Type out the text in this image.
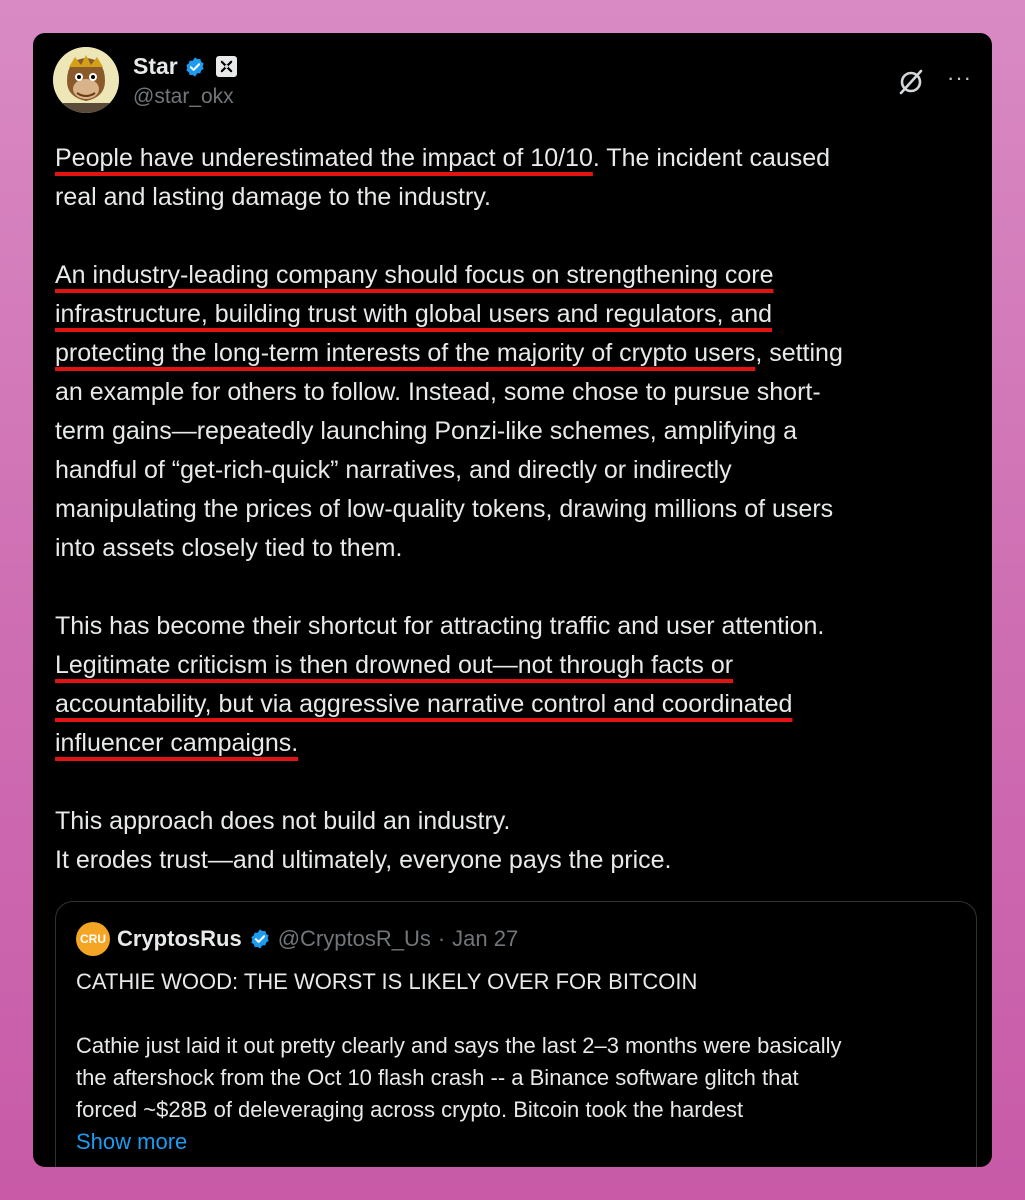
Star
@star_okx
···
People have underestimated the impact of 10/10. The incident caused
real and lasting damage to the industry.
An industry-leading company should focus on strengthening core
infrastructure, building trust with global users and regulators, and
protecting the long-term interests of the majority of crypto users, setting
an example for others to follow. Instead, some chose to pursue short-
term gains—repeatedly launching Ponzi-like schemes, amplifying a
handful of “get-rich-quick” narratives, and directly or indirectly
manipulating the prices of low-quality tokens, drawing millions of users
into assets closely tied to them.
This has become their shortcut for attracting traffic and user attention.
Legitimate criticism is then drowned out—not through facts or
accountability, but via aggressive narrative control and coordinated
influencer campaigns.
This approach does not build an industry.
It erodes trust—and ultimately, everyone pays the price.
CRU CryptosRus @CryptosR_Us · Jan 27
CATHIE WOOD: THE WORST IS LIKELY OVER FOR BITCOIN
Cathie just laid it out pretty clearly and says the last 2–3 months were basically
the aftershock from the Oct 10 flash crash -- a Binance software glitch that
forced ~$28B of deleveraging across crypto. Bitcoin took the hardest
Show more
